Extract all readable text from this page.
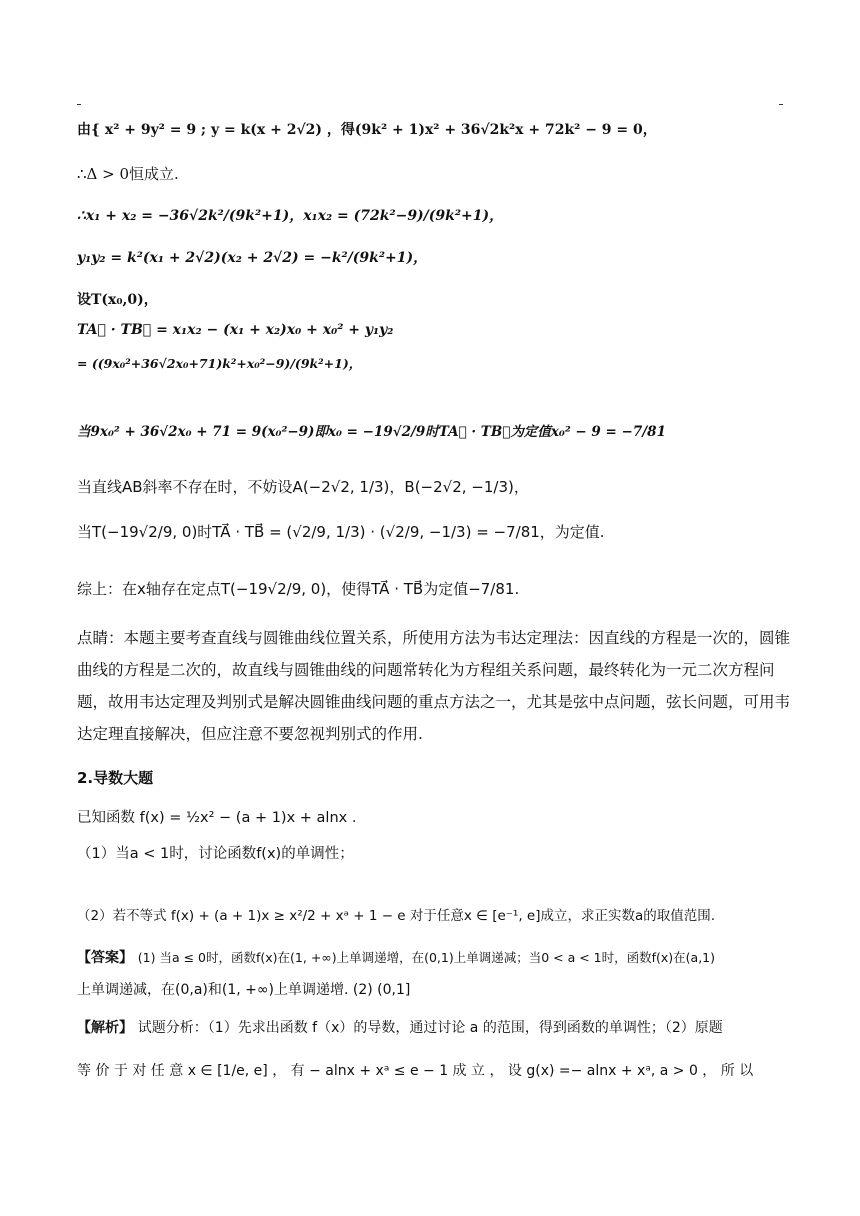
由{ x² + 9y² = 9 ; y = k(x + 2√2) ，得(9k² + 1)x² + 36√2k²x + 72k² − 9 = 0，
∴Δ > 0恒成立.
∴x₁ + x₂ = −36√2k²/(9k²+1)，x₁x₂ = (72k²−9)/(9k²+1)，
y₁y₂ = k²(x₁ + 2√2)(x₂ + 2√2) = −k²/(9k²+1)，
设T(x₀,0)，
TA⃗ · TB⃗ = x₁x₂ − (x₁ + x₂)x₀ + x₀² + y₁y₂
= ((9x₀²+36√2x₀+71)k²+x₀²−9)/(9k²+1)，
当9x₀² + 36√2x₀ + 71 = 9(x₀²−9)即x₀ = −19√2/9时TA⃗ · TB⃗为定值x₀² − 9 = −7/81
当直线AB斜率不存在时，不妨设A(−2√2, 1/3)，B(−2√2, −1/3)，
当T(−19√2/9, 0)时TA⃗ · TB⃗ = (√2/9, 1/3) · (√2/9, −1/3) = −7/81，为定值.
综上：在x轴存在定点T(−19√2/9, 0)，使得TA⃗ · TB⃗为定值−7/81.
点睛：本题主要考查直线与圆锥曲线位置关系，所使用方法为韦达定理法：因直线的方程是一次的，圆锥曲线的方程是二次的，故直线与圆锥曲线的问题常转化为方程组关系问题，最终转化为一元二次方程问题，故用韦达定理及判别式是解决圆锥曲线问题的重点方法之一，尤其是弦中点问题，弦长问题，可用韦达定理直接解决，但应注意不要忽视判别式的作用.
2.导数大题
已知函数 f(x) = ½x² − (a + 1)x + alnx .
（1）当a < 1时，讨论函数f(x)的单调性；
（2）若不等式 f(x) + (a + 1)x ≥ x²/2 + xᵃ + 1 − e 对于任意x ∈ [e⁻¹, e]成立，求正实数a的取值范围.
【答案】 (1) 当a ≤ 0时，函数f(x)在(1, +∞)上单调递增，在(0,1)上单调递减；当0 < a < 1时，函数f(x)在(a,1)
上单调递减，在(0,a)和(1, +∞)上单调递增. (2) (0,1]
【解析】 试题分析：（1）先求出函数 f（x）的导数，通过讨论 a 的范围，得到函数的单调性；（2）原题
等 价 于 对 任 意 x ∈ [1/e, e] ， 有 − alnx + xᵃ ≤ e − 1 成 立 ， 设 g(x) =− alnx + xᵃ, a > 0 ， 所 以
